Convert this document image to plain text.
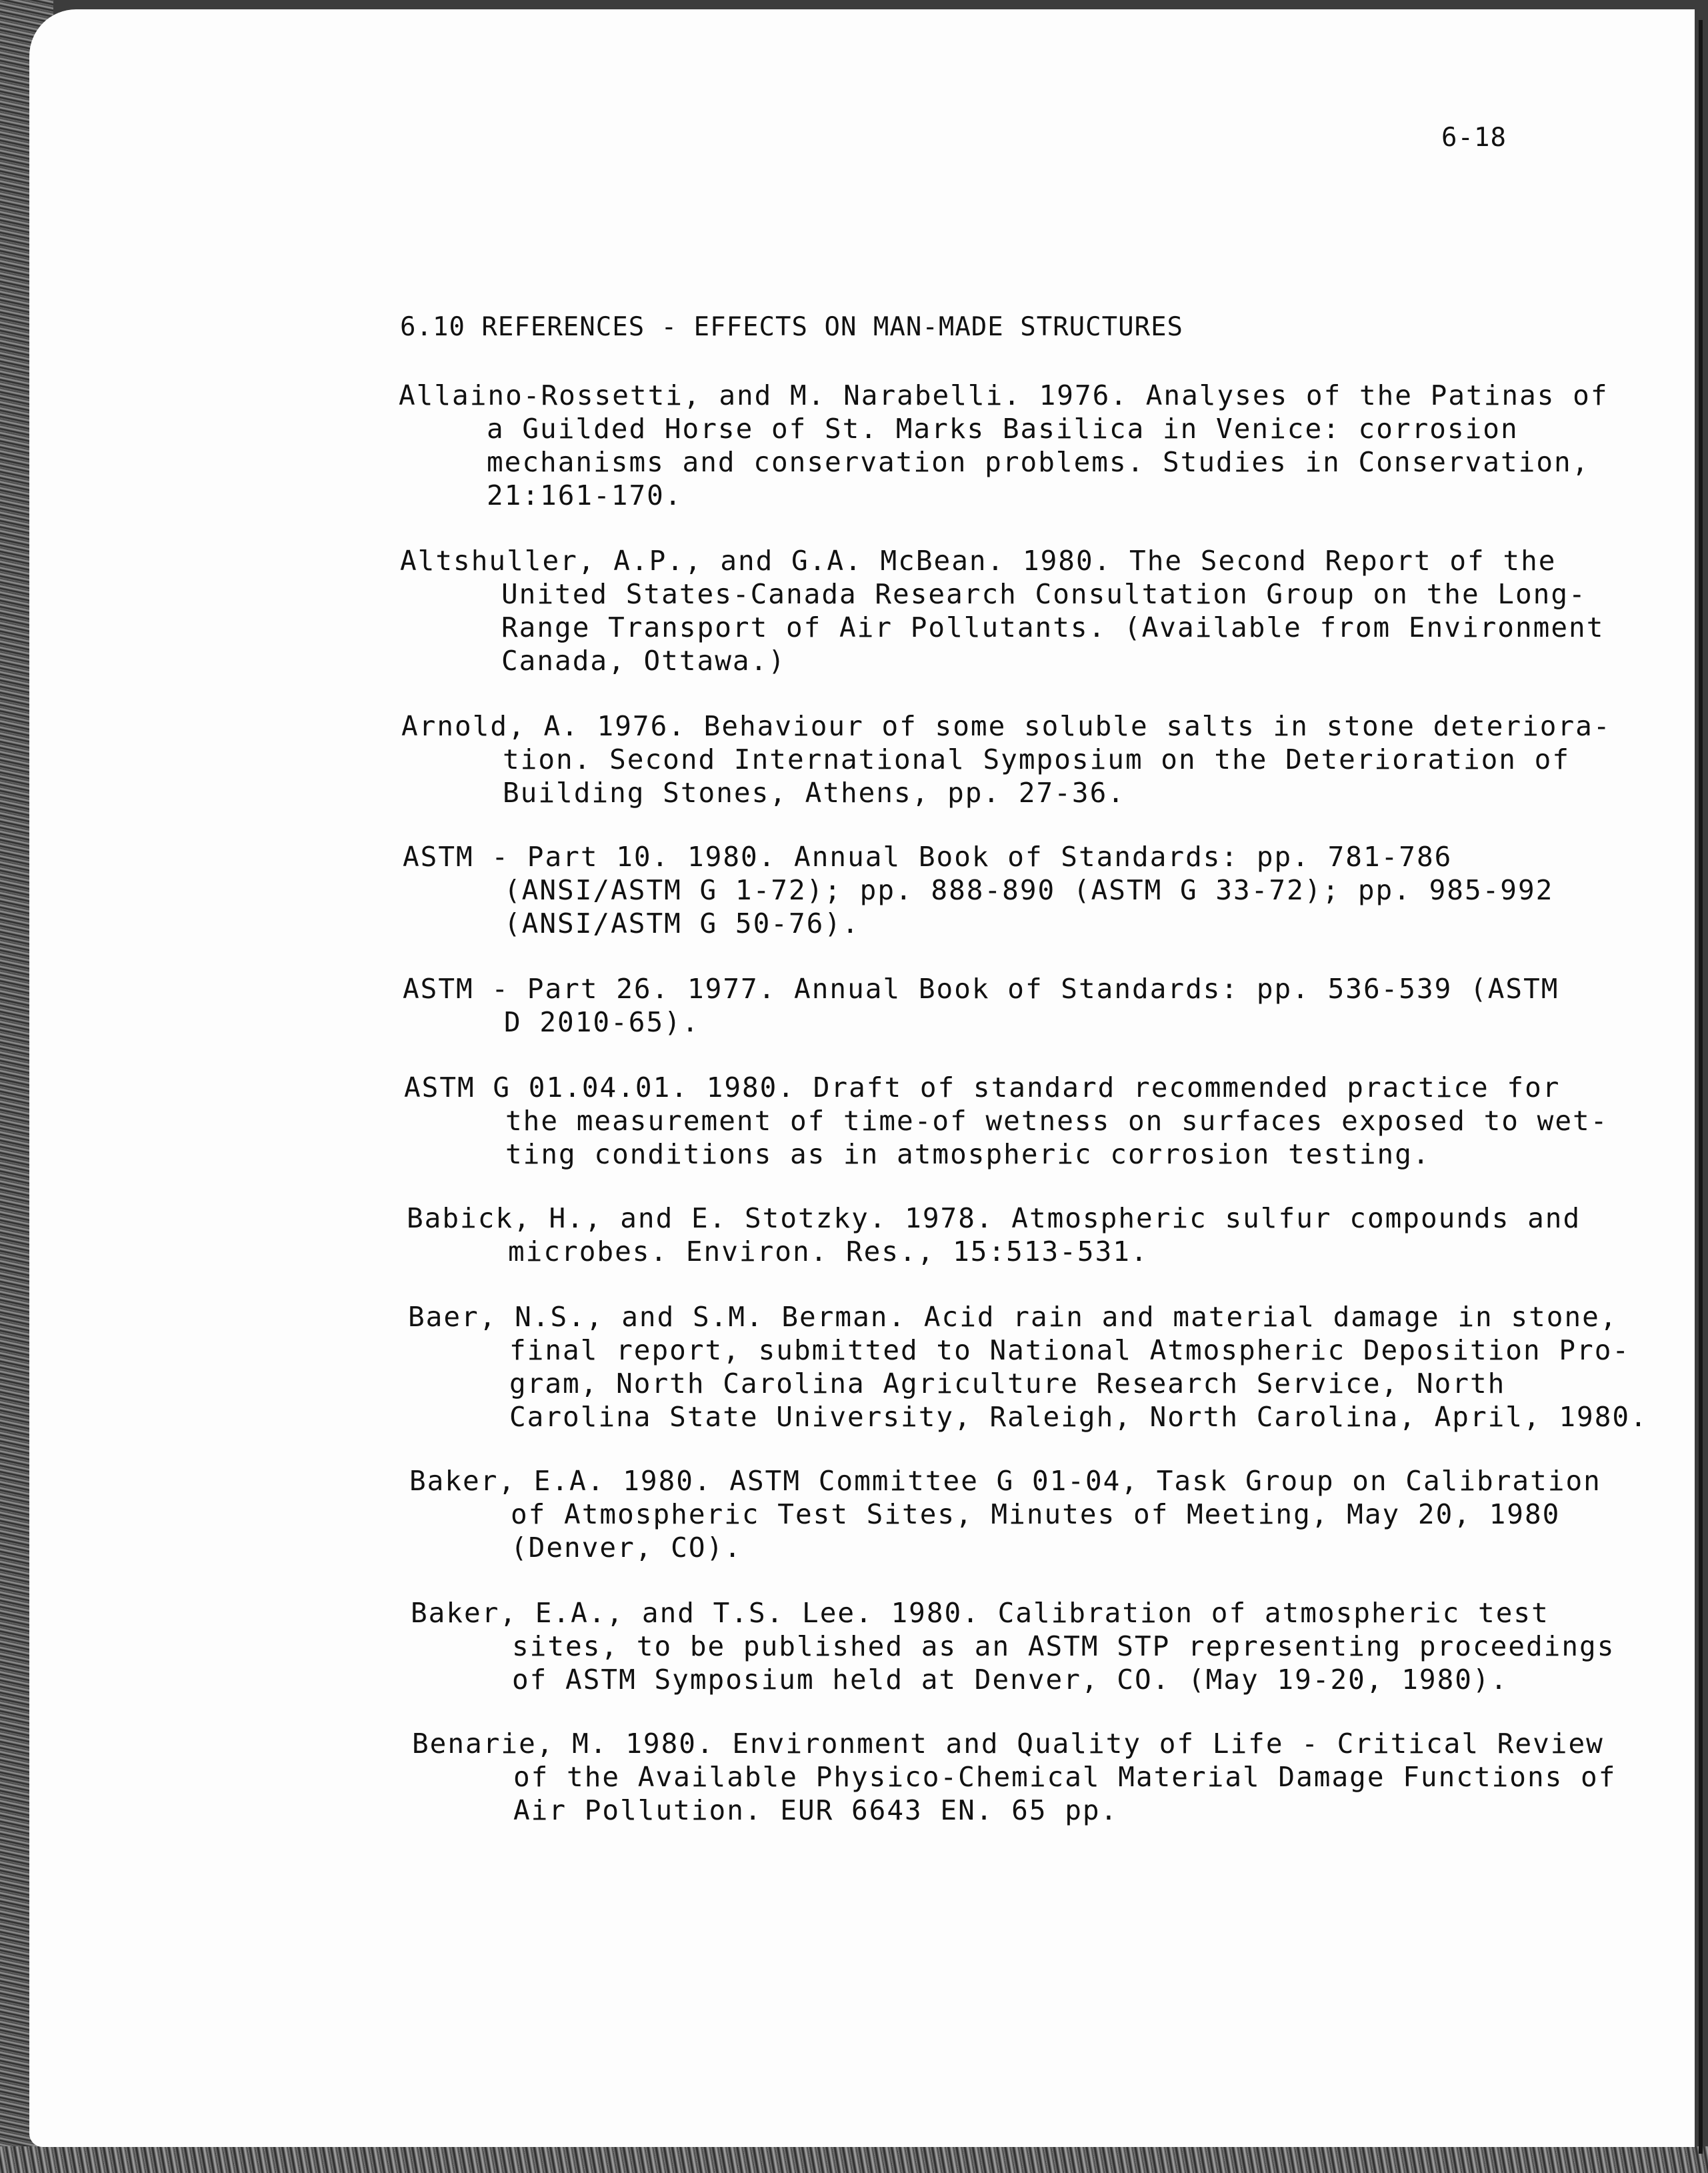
6-18
6.10 REFERENCES - EFFECTS ON MAN-MADE STRUCTURES
Allaino-Rossetti, and M. Narabelli. 1976. Analyses of the Patinas of
a Guilded Horse of St. Marks Basilica in Venice: corrosion
mechanisms and conservation problems. Studies in Conservation,
21:161-170.
Altshuller, A.P., and G.A. McBean. 1980. The Second Report of the
United States-Canada Research Consultation Group on the Long-
Range Transport of Air Pollutants. (Available from Environment
Canada, Ottawa.)
Arnold, A. 1976. Behaviour of some soluble salts in stone deteriora-
tion. Second International Symposium on the Deterioration of
Building Stones, Athens, pp. 27-36.
ASTM - Part 10. 1980. Annual Book of Standards: pp. 781-786
(ANSI/ASTM G 1-72); pp. 888-890 (ASTM G 33-72); pp. 985-992
(ANSI/ASTM G 50-76).
ASTM - Part 26. 1977. Annual Book of Standards: pp. 536-539 (ASTM
D 2010-65).
ASTM G 01.04.01. 1980. Draft of standard recommended practice for
the measurement of time-of wetness on surfaces exposed to wet-
ting conditions as in atmospheric corrosion testing.
Babick, H., and E. Stotzky. 1978. Atmospheric sulfur compounds and
microbes. Environ. Res., 15:513-531.
Baer, N.S., and S.M. Berman. Acid rain and material damage in stone,
final report, submitted to National Atmospheric Deposition Pro-
gram, North Carolina Agriculture Research Service, North
Carolina State University, Raleigh, North Carolina, April, 1980.
Baker, E.A. 1980. ASTM Committee G 01-04, Task Group on Calibration
of Atmospheric Test Sites, Minutes of Meeting, May 20, 1980
(Denver, CO).
Baker, E.A., and T.S. Lee. 1980. Calibration of atmospheric test
sites, to be published as an ASTM STP representing proceedings
of ASTM Symposium held at Denver, CO. (May 19-20, 1980).
Benarie, M. 1980. Environment and Quality of Life - Critical Review
of the Available Physico-Chemical Material Damage Functions of
Air Pollution. EUR 6643 EN. 65 pp.
